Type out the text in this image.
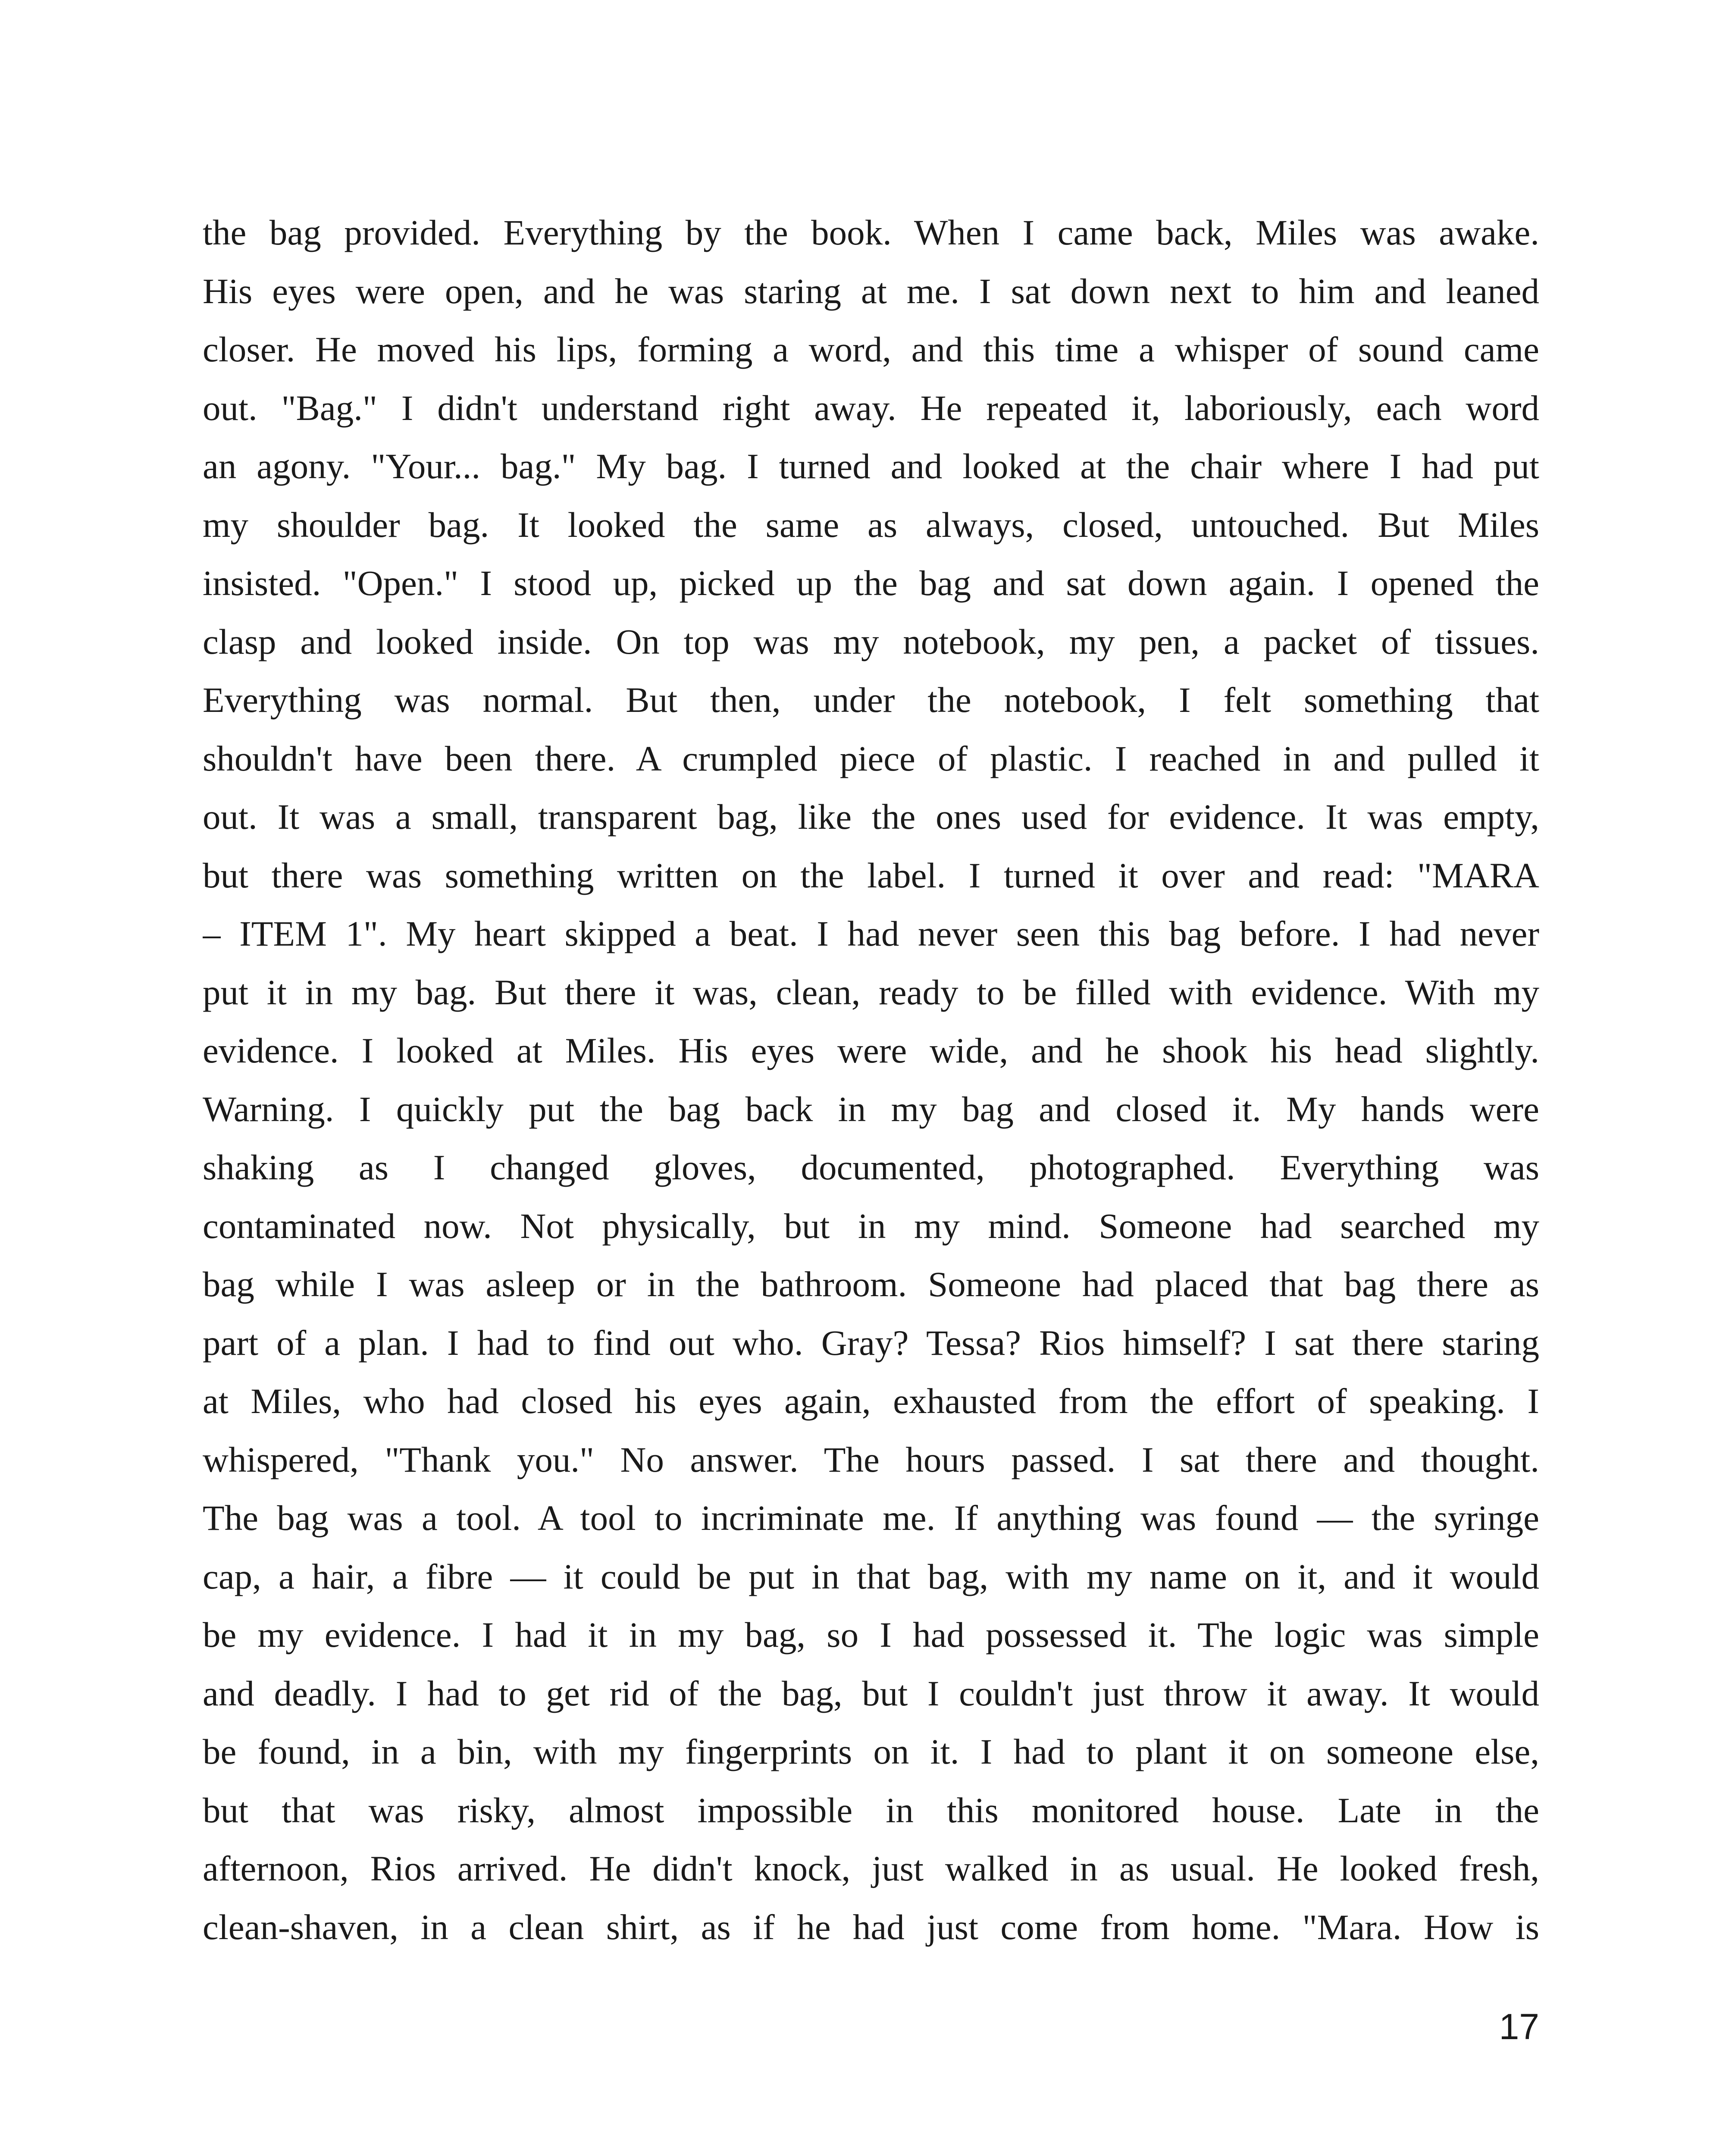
the bag provided. Everything by the book. When I came back, Miles was awake.
His eyes were open, and he was staring at me. I sat down next to him and leaned
closer. He moved his lips, forming a word, and this time a whisper of sound came
out. "Bag." I didn't understand right away. He repeated it, laboriously, each word
an agony. "Your... bag." My bag. I turned and looked at the chair where I had put
my shoulder bag. It looked the same as always, closed, untouched. But Miles
insisted. "Open." I stood up, picked up the bag and sat down again. I opened the
clasp and looked inside. On top was my notebook, my pen, a packet of tissues.
Everything was normal. But then, under the notebook, I felt something that
shouldn't have been there. A crumpled piece of plastic. I reached in and pulled it
out. It was a small, transparent bag, like the ones used for evidence. It was empty,
but there was something written on the label. I turned it over and read: "MARA
– ITEM 1". My heart skipped a beat. I had never seen this bag before. I had never
put it in my bag. But there it was, clean, ready to be filled with evidence. With my
evidence. I looked at Miles. His eyes were wide, and he shook his head slightly.
Warning. I quickly put the bag back in my bag and closed it. My hands were
shaking as I changed gloves, documented, photographed. Everything was
contaminated now. Not physically, but in my mind. Someone had searched my
bag while I was asleep or in the bathroom. Someone had placed that bag there as
part of a plan. I had to find out who. Gray? Tessa? Rios himself? I sat there staring
at Miles, who had closed his eyes again, exhausted from the effort of speaking. I
whispered, "Thank you." No answer. The hours passed. I sat there and thought.
The bag was a tool. A tool to incriminate me. If anything was found — the syringe
cap, a hair, a fibre — it could be put in that bag, with my name on it, and it would
be my evidence. I had it in my bag, so I had possessed it. The logic was simple
and deadly. I had to get rid of the bag, but I couldn't just throw it away. It would
be found, in a bin, with my fingerprints on it. I had to plant it on someone else,
but that was risky, almost impossible in this monitored house. Late in the
afternoon, Rios arrived. He didn't knock, just walked in as usual. He looked fresh,
clean-shaven, in a clean shirt, as if he had just come from home. "Mara. How is

17
